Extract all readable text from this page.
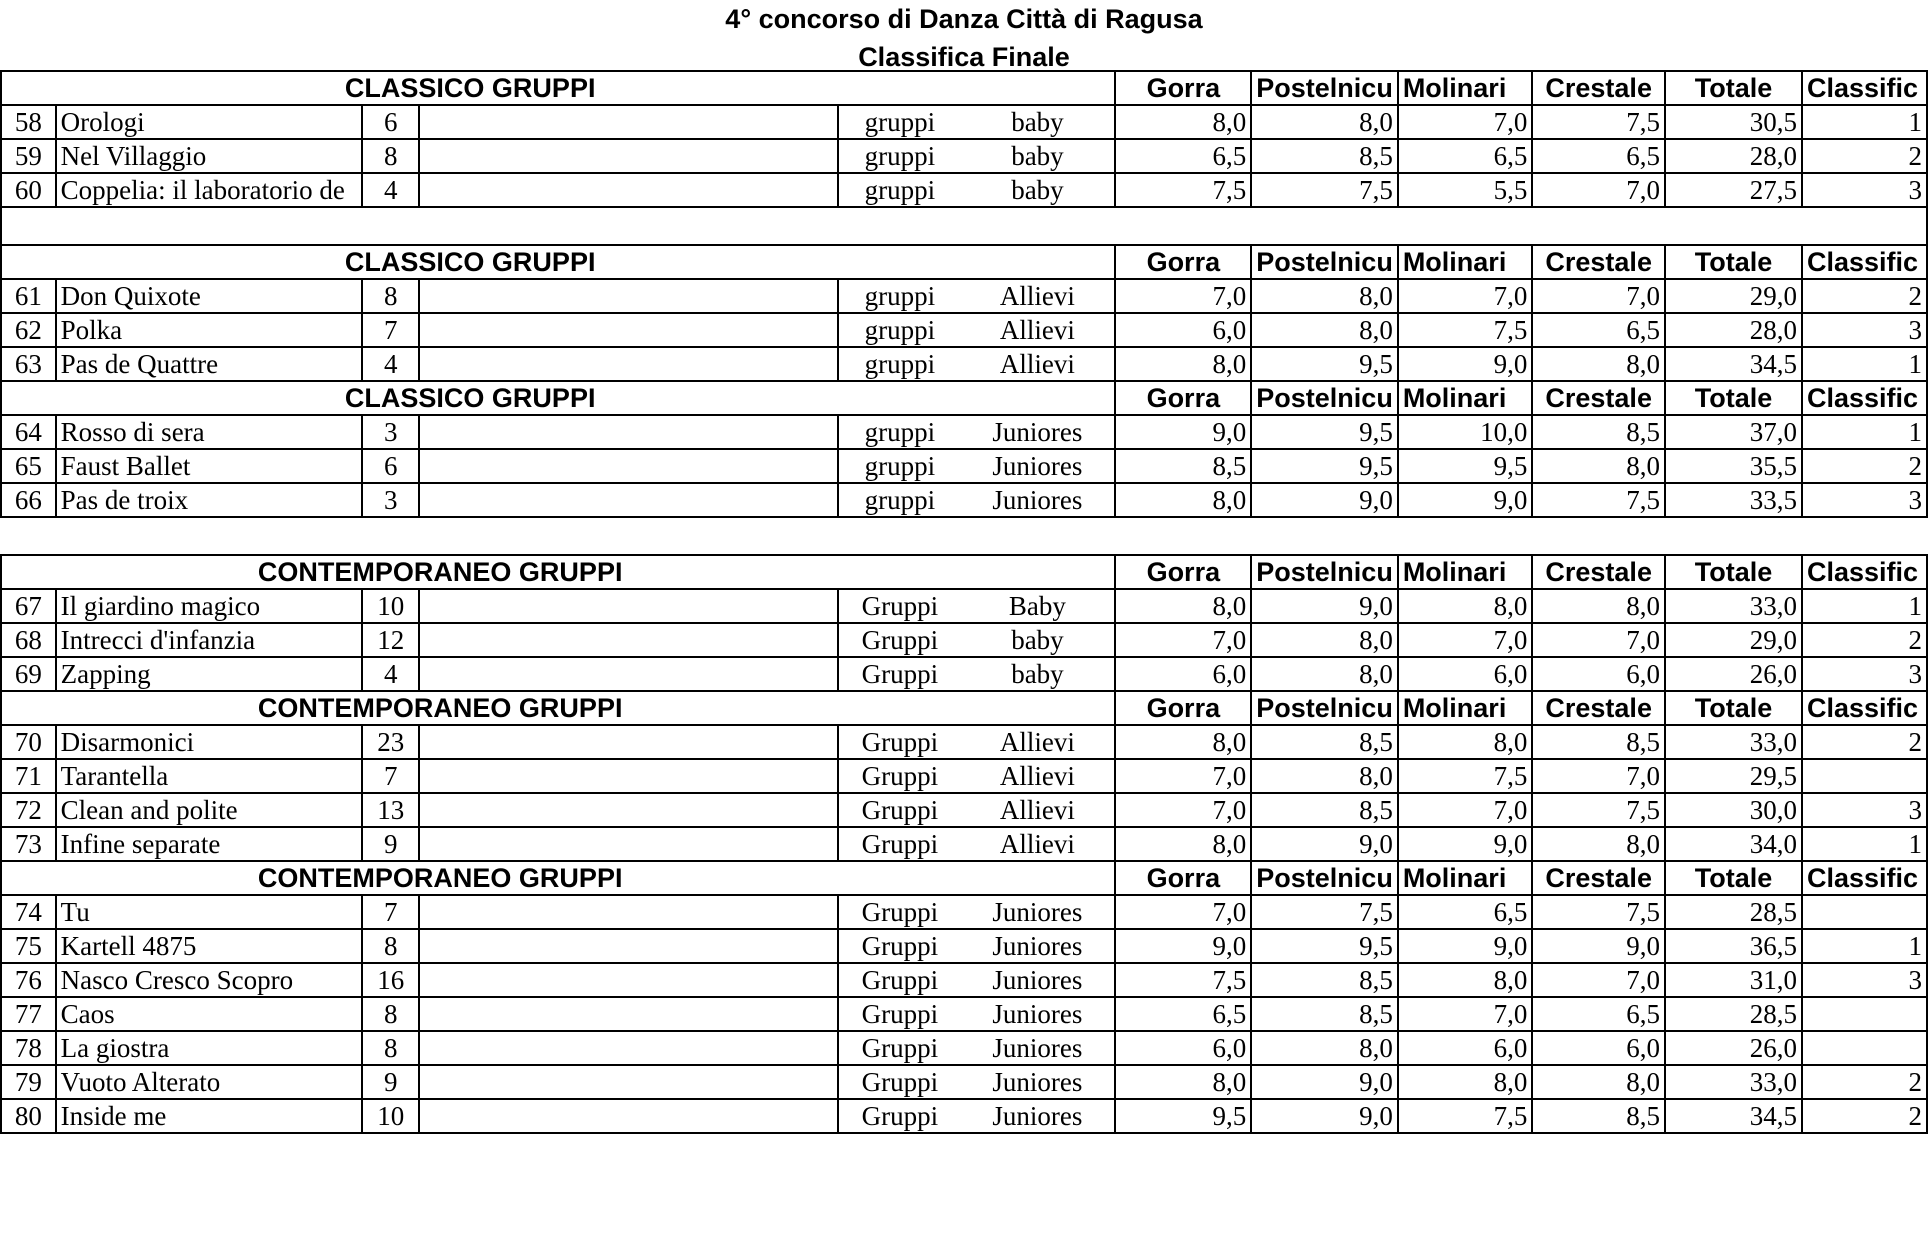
4° concorso di Danza Città di Ragusa
Classifica Finale
CLASSICO GRUPPI						Gorra	Postelnicu	Molinari	Crestale	Totale	Classific
58	Orologi	6		gruppi	baby	8,0	8,0	7,0	7,5	30,5	1
59	Nel Villaggio	8		gruppi	baby	6,5	8,5	6,5	6,5	28,0	2
60	Coppelia: il laboratorio de	4		gruppi	baby	7,5	7,5	5,5	7,0	27,5	3

CLASSICO GRUPPI						Gorra	Postelnicu	Molinari	Crestale	Totale	Classific
61	Don Quixote	8		gruppi	Allievi	7,0	8,0	7,0	7,0	29,0	2
62	Polka	7		gruppi	Allievi	6,0	8,0	7,5	6,5	28,0	3
63	Pas de Quattre	4		gruppi	Allievi	8,0	9,5	9,0	8,0	34,5	1
CLASSICO GRUPPI						Gorra	Postelnicu	Molinari	Crestale	Totale	Classific
64	Rosso di sera	3		gruppi	Juniores	9,0	9,5	10,0	8,5	37,0	1
65	Faust Ballet	6		gruppi	Juniores	8,5	9,5	9,5	8,0	35,5	2
66	Pas de troix	3		gruppi	Juniores	8,0	9,0	9,0	7,5	33,5	3

CONTEMPORANEO GRUPPI						Gorra	Postelnicu	Molinari	Crestale	Totale	Classific
67	Il giardino magico	10		Gruppi	Baby	8,0	9,0	8,0	8,0	33,0	1
68	Intrecci d'infanzia	12		Gruppi	baby	7,0	8,0	7,0	7,0	29,0	2
69	Zapping	4		Gruppi	baby	6,0	8,0	6,0	6,0	26,0	3
CONTEMPORANEO GRUPPI						Gorra	Postelnicu	Molinari	Crestale	Totale	Classific
70	Disarmonici	23		Gruppi	Allievi	8,0	8,5	8,0	8,5	33,0	2
71	Tarantella	7		Gruppi	Allievi	7,0	8,0	7,5	7,0	29,5	
72	Clean and polite	13		Gruppi	Allievi	7,0	8,5	7,0	7,5	30,0	3
73	Infine separate	9		Gruppi	Allievi	8,0	9,0	9,0	8,0	34,0	1
CONTEMPORANEO GRUPPI						Gorra	Postelnicu	Molinari	Crestale	Totale	Classific
74	Tu	7		Gruppi	Juniores	7,0	7,5	6,5	7,5	28,5	
75	Kartell 4875	8		Gruppi	Juniores	9,0	9,5	9,0	9,0	36,5	1
76	Nasco Cresco Scopro	16		Gruppi	Juniores	7,5	8,5	8,0	7,0	31,0	3
77	Caos	8		Gruppi	Juniores	6,5	8,5	7,0	6,5	28,5	
78	La giostra	8		Gruppi	Juniores	6,0	8,0	6,0	6,0	26,0	
79	Vuoto Alterato	9		Gruppi	Juniores	8,0	9,0	8,0	8,0	33,0	2
80	Inside me	10		Gruppi	Juniores	9,5	9,0	7,5	8,5	34,5	2
